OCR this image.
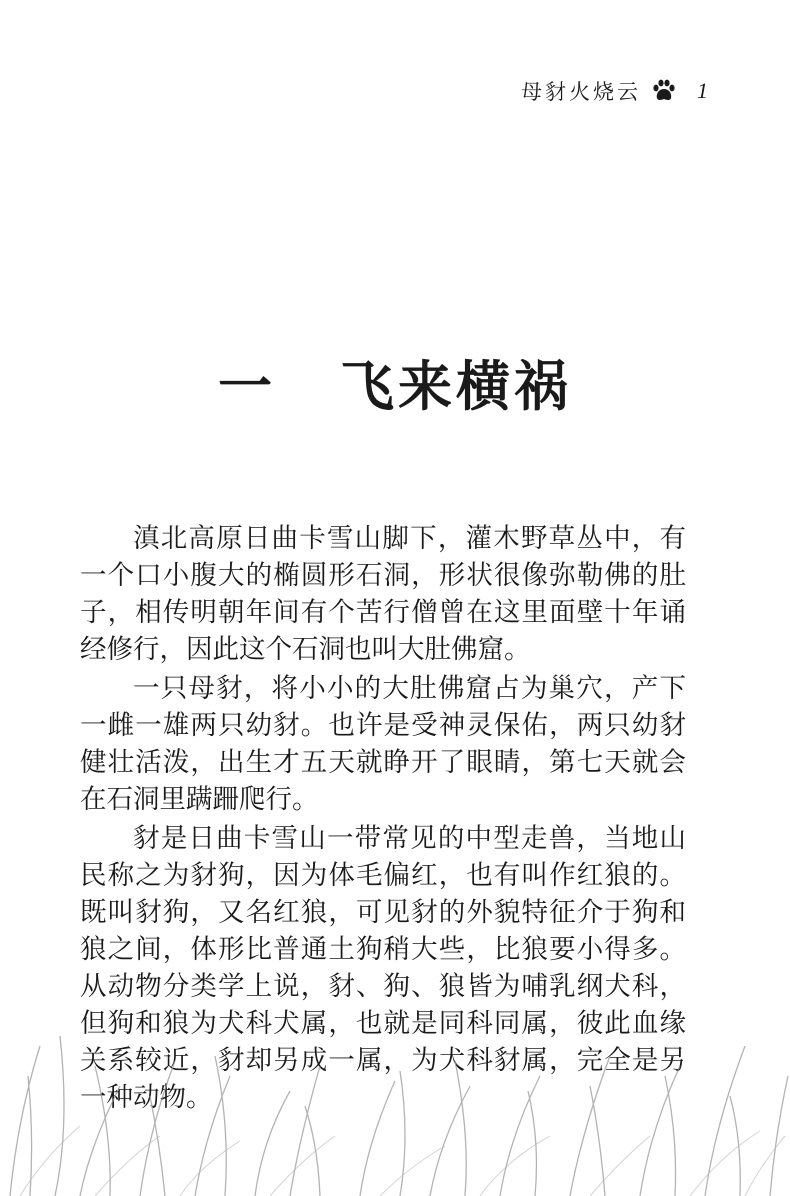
母豺火烧云	1
一 飞来横祸

滇北高原日曲卡雪山脚下，灌木野草丛中，有一个口小腹大的椭圆形石洞，形状很像弥勒佛的肚子，相传明朝年间有个苦行僧曾在这里面壁十年诵经修行，因此这个石洞也叫大肚佛窟。

一只母豺，将小小的大肚佛窟占为巢穴，产下一雌一雄两只幼豺。也许是受神灵保佑，两只幼豺健壮活泼，出生才五天就睁开了眼睛，第七天就会在石洞里蹒跚爬行。

豺是日曲卡雪山一带常见的中型走兽，当地山民称之为豺狗，因为体毛偏红，也有叫作红狼的。既叫豺狗，又名红狼，可见豺的外貌特征介于狗和狼之间，体形比普通土狗稍大些，比狼要小得多。从动物分类学上说，豺、狗、狼皆为哺乳纲犬科，但狗和狼为犬科犬属，也就是同科同属，彼此血缘关系较近，豺却另成一属，为犬科豺属，完全是另一种动物。
